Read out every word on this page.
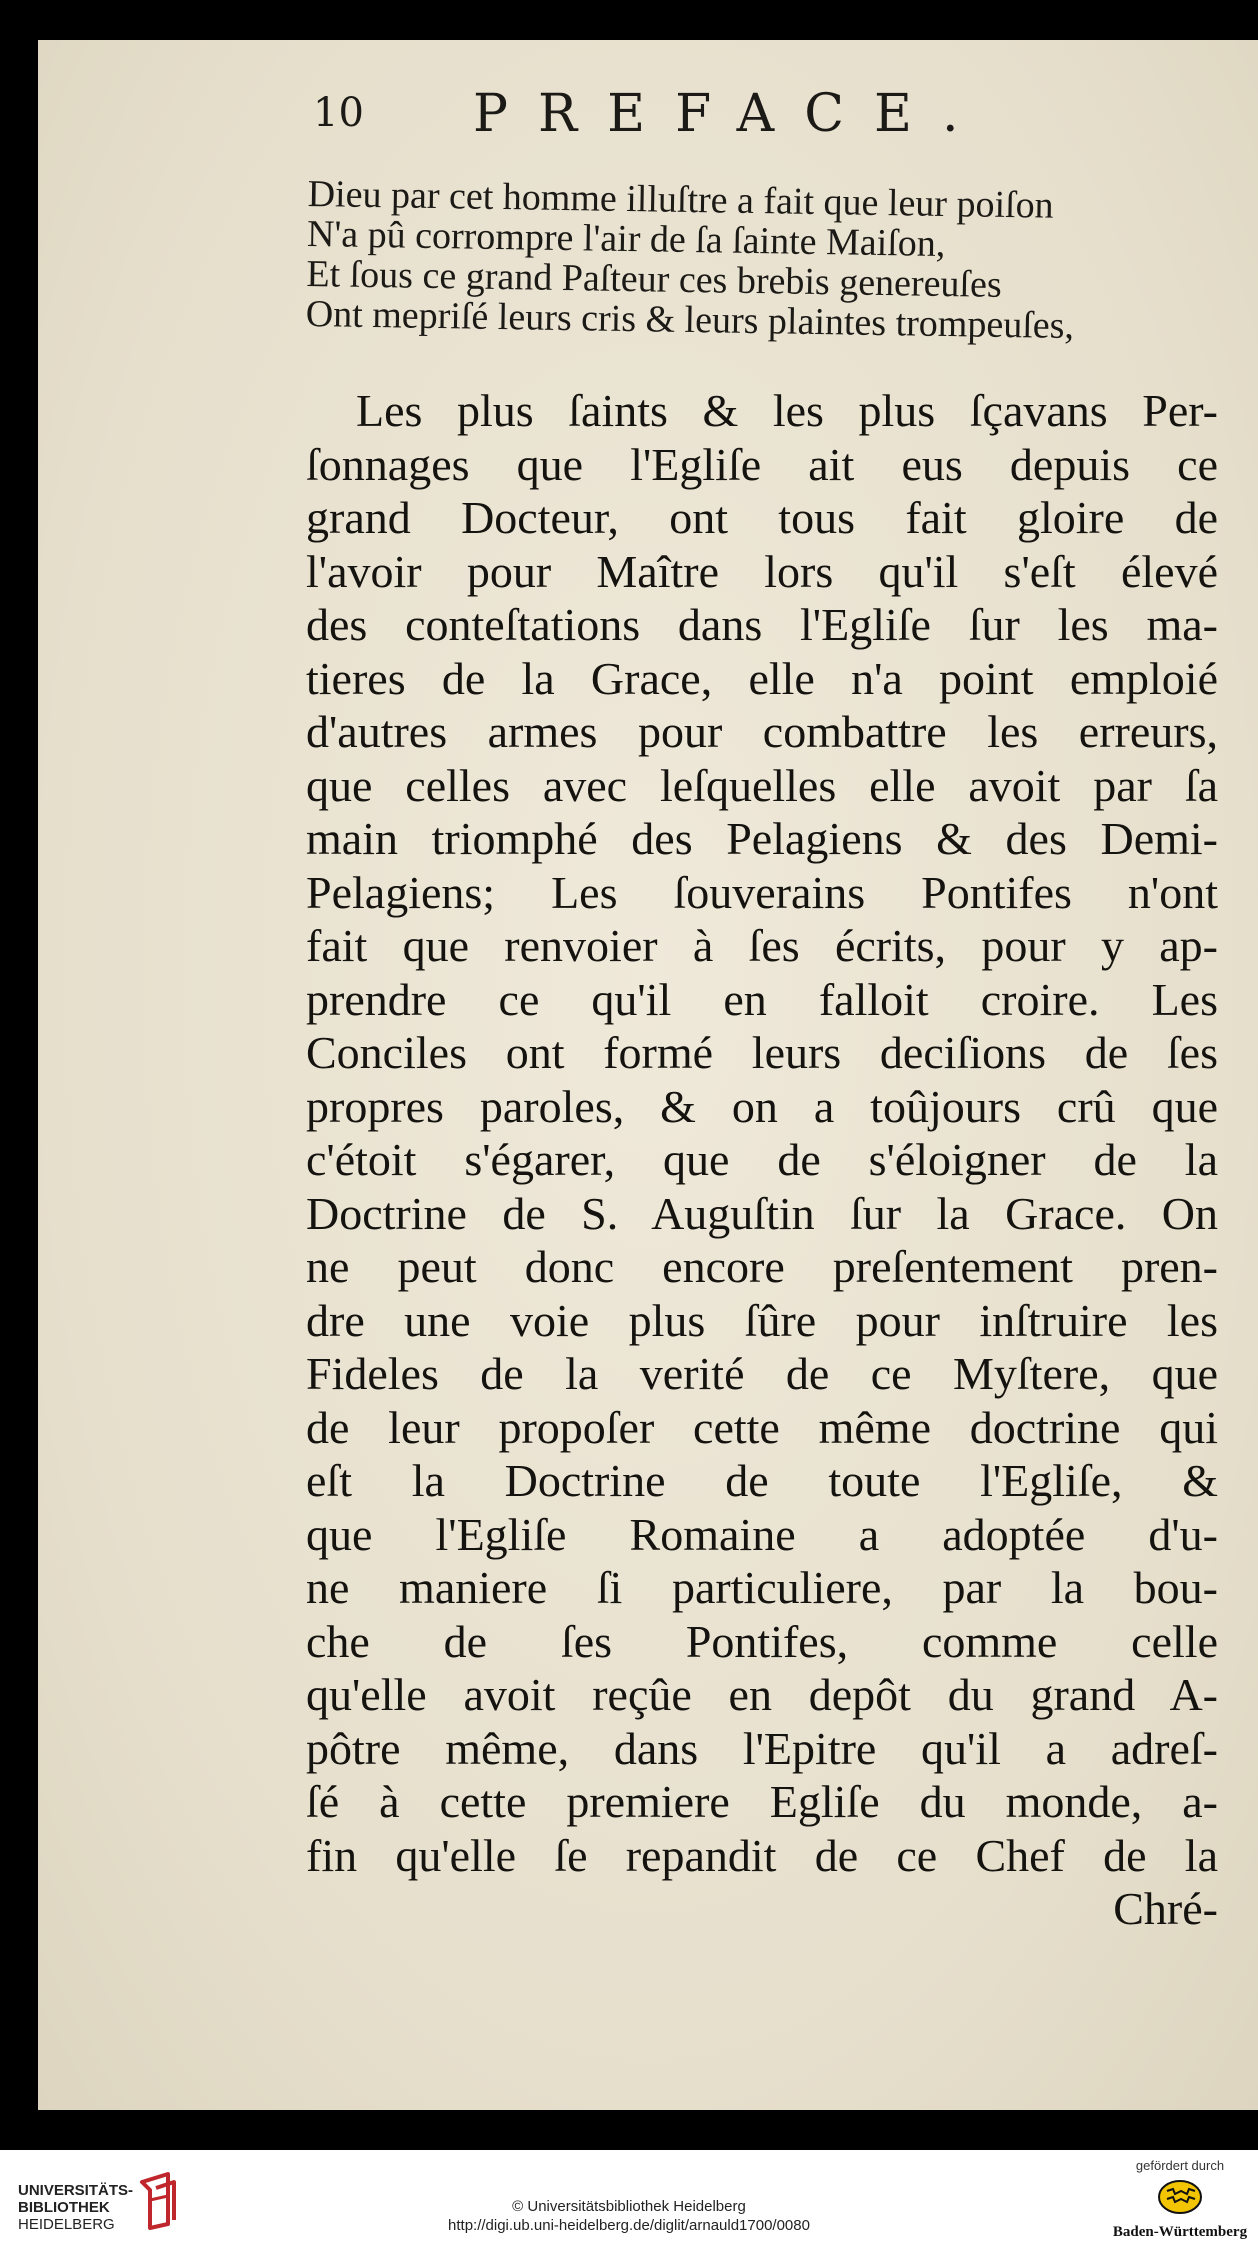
10 PREFACE.
Dieu par cet homme illuſtre a fait que leur poiſon
N'a pû corrompre l'air de ſa ſainte Maiſon,
Et ſous ce grand Paſteur ces brebis genereuſes
Ont mepriſé leurs cris & leurs plaintes trompeuſes,
Les plus ſaints & les plus ſçavans Per-
ſonnages que l'Egliſe ait eus depuis ce
grand Docteur, ont tous fait gloire de
l'avoir pour Maître lors qu'il s'eſt élevé
des conteſtations dans l'Egliſe ſur les ma-
tieres de la Grace, elle n'a point emploié
d'autres armes pour combattre les erreurs,
que celles avec leſquelles elle avoit par ſa
main triomphé des Pelagiens & des Demi-
Pelagiens; Les ſouverains Pontifes n'ont
fait que renvoier à ſes écrits, pour y ap-
prendre ce qu'il en falloit croire. Les
Conciles ont formé leurs deciſions de ſes
propres paroles, & on a toûjours crû que
c'étoit s'égarer, que de s'éloigner de la
Doctrine de S. Auguſtin ſur la Grace. On
ne peut donc encore preſentement pren-
dre une voie plus ſûre pour inſtruire les
Fideles de la verité de ce Myſtere, que
de leur propoſer cette même doctrine qui
eſt la Doctrine de toute l'Egliſe, &
que l'Egliſe Romaine a adoptée d'u-
ne maniere ſi particuliere, par la bou-
che de ſes Pontifes, comme celle
qu'elle avoit reçûe en depôt du grand A-
pôtre même, dans l'Epitre qu'il a adreſ-
ſé à cette premiere Egliſe du monde, a-
fin qu'elle ſe repandit de ce Chef de la
Chré-
UNIVERSITÄTS-
BIBLIOTHEK
HEIDELBERG
© Universitätsbibliothek Heidelberg
http://digi.ub.uni-heidelberg.de/diglit/arnauld1700/0080
gefördert durch
Baden-Württemberg
